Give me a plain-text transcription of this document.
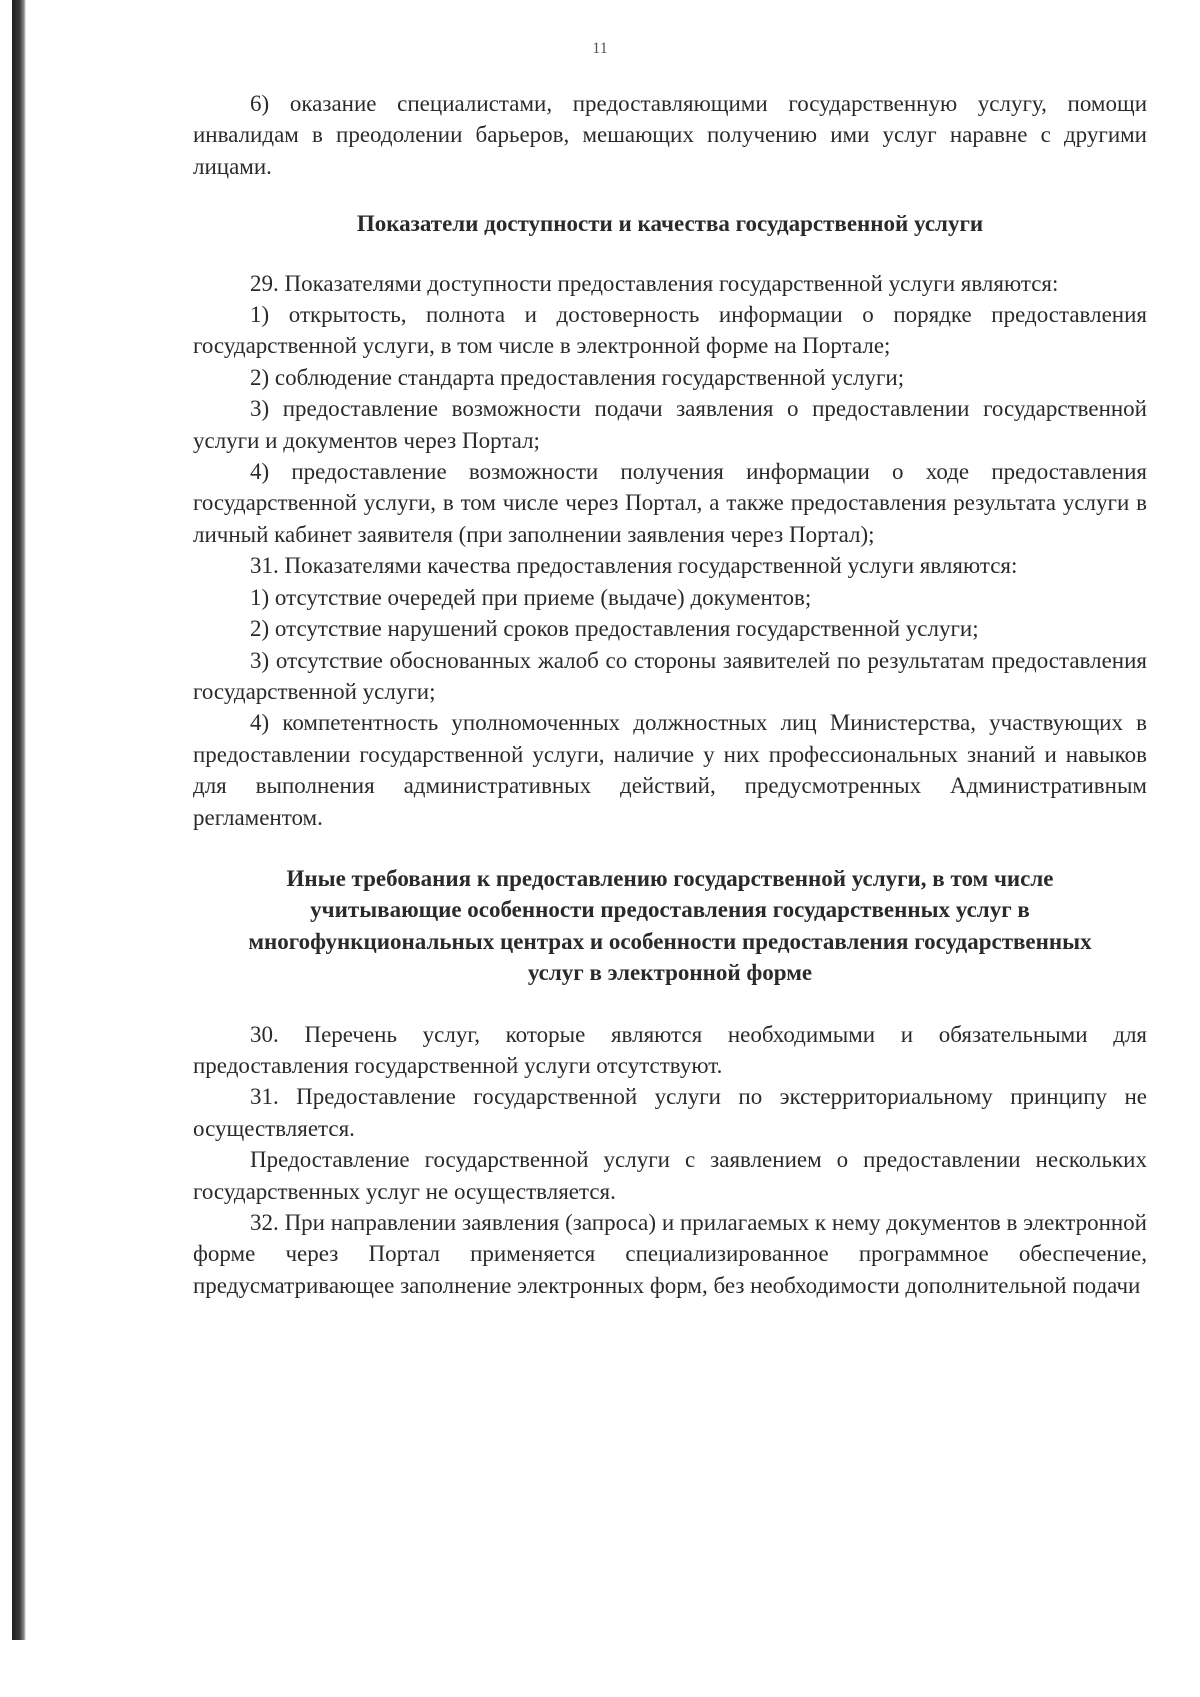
11

6) оказание специалистами, предоставляющими государственную услугу, помощи инвалидам в преодолении барьеров, мешающих получению ими услуг наравне с другими лицами.

Показатели доступности и качества государственной услуги

29. Показателями доступности предоставления государственной услуги являются:

1) открытость, полнота и достоверность информации о порядке предоставления государственной услуги, в том числе в электронной форме на Портале;

2) соблюдение стандарта предоставления государственной услуги;

3) предоставление возможности подачи заявления о предоставлении государственной услуги и документов через Портал;

4) предоставление возможности получения информации о ходе предоставления государственной услуги, в том числе через Портал, а также предоставления результата услуги в личный кабинет заявителя (при заполнении заявления через Портал);

31. Показателями качества предоставления государственной услуги являются:

1) отсутствие очередей при приеме (выдаче) документов;

2) отсутствие нарушений сроков предоставления государственной услуги;

3) отсутствие обоснованных жалоб со стороны заявителей по результатам предоставления государственной услуги;

4) компетентность уполномоченных должностных лиц Министерства, участвующих в предоставлении государственной услуги, наличие у них профессиональных знаний и навыков для выполнения административных действий, предусмотренных Административным регламентом.

Иные требования к предоставлению государственной услуги, в том числе учитывающие особенности предоставления государственных услуг в многофункциональных центрах и особенности предоставления государственных услуг в электронной форме

30. Перечень услуг, которые являются необходимыми и обязательными для предоставления государственной услуги отсутствуют.

31. Предоставление государственной услуги по экстерриториальному принципу не осуществляется.

Предоставление государственной услуги с заявлением о предоставлении нескольких государственных услуг не осуществляется.

32. При направлении заявления (запроса) и прилагаемых к нему документов в электронной форме через Портал применяется специализированное программное обеспечение, предусматривающее заполнение электронных форм, без необходимости дополнительной подачи
